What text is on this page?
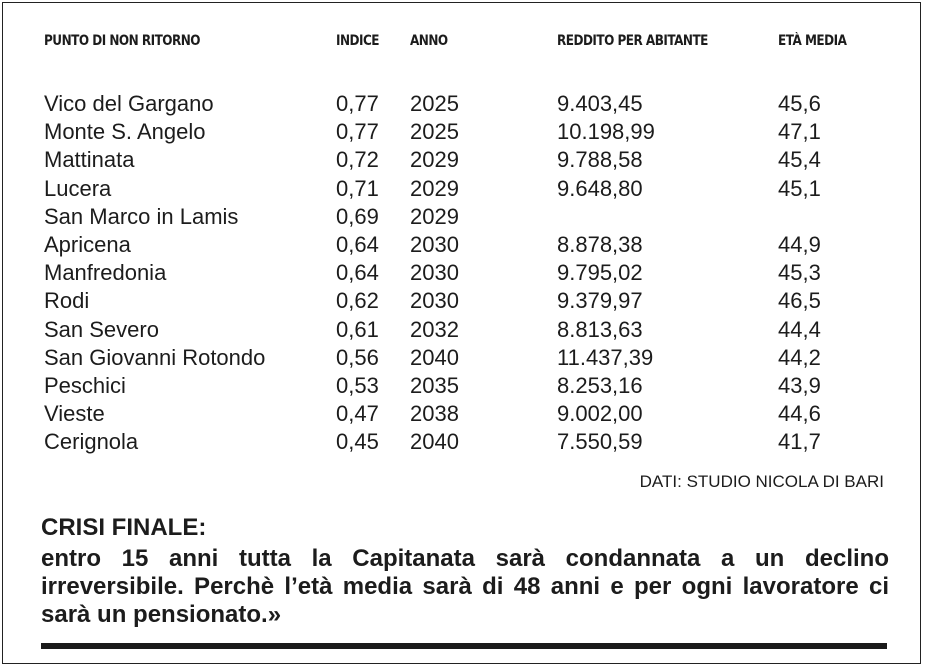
PUNTO DI NON RITORNO	INDICE ANNO	REDDITO PER ABITANTE	ETÀ MEDIA
Vico del Gargano	0,77 2025	9.403,45	45,6
Monte S. Angelo	0,77 2025	10.198,99	47,1
Mattinata	0,72 2029	9.788,58	45,4
Lucera	0,71 2029	9.648,80	45,1
San Marco in Lamis	0,69 2029
Apricena	0,64 2030	8.878,38	44,9
Manfredonia	0,64 2030	9.795,02	45,3
Rodi	0,62 2030	9.379,97	46,5
San Severo	0,61 2032	8.813,63	44,4
San Giovanni Rotondo	0,56 2040	11.437,39	44,2
Peschici	0,53 2035	8.253,16	43,9
Vieste	0,47 2038	9.002,00	44,6
Cerignola	0,45 2040	7.550,59	41,7
DATI: STUDIO NICOLA DI BARI
CRISI FINALE:
entro 15 anni tutta la Capitanata sarà condannata a un declino irreversibile. Perchè l’età media sarà di 48 anni e per ogni lavoratore ci sarà un pensionato.»
